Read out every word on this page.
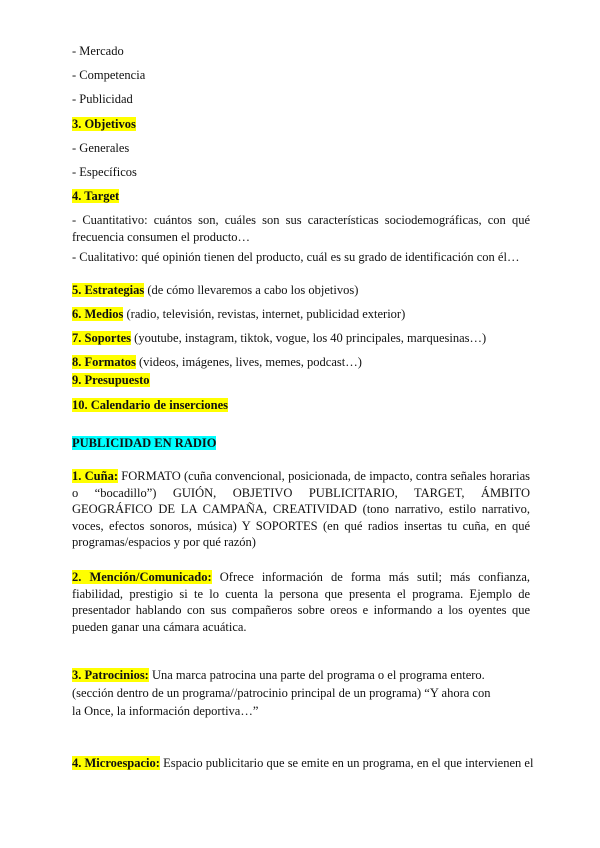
- Mercado
- Competencia
- Publicidad
3. Objetivos
- Generales
- Específicos
4. Target
- Cuantitativo: cuántos son, cuáles son sus características sociodemográficas, con qué frecuencia consumen el producto…
- Cualitativo: qué opinión tienen del producto, cuál es su grado de identificación con él…
5. Estrategias (de cómo llevaremos a cabo los objetivos)
6. Medios (radio, televisión, revistas, internet, publicidad exterior)
7. Soportes (youtube, instagram, tiktok, vogue, los 40 principales, marquesinas…)
8. Formatos (videos, imágenes, lives, memes, podcast…)
9. Presupuesto
10. Calendario de inserciones
PUBLICIDAD EN RADIO
1. Cuña: FORMATO (cuña convencional, posicionada, de impacto, contra señales horarias o “bocadillo”) GUIÓN, OBJETIVO PUBLICITARIO, TARGET, ÁMBITO GEOGRÁFICO DE LA CAMPAÑA, CREATIVIDAD (tono narrativo, estilo narrativo, voces, efectos sonoros, música) Y SOPORTES (en qué radios insertas tu cuña, en qué programas/espacios y por qué razón)
2. Mención/Comunicado: Ofrece información de forma más sutil; más confianza, fiabilidad, prestigio si te lo cuenta la persona que presenta el programa. Ejemplo de presentador hablando con sus compañeros sobre oreos e informando a los oyentes que pueden ganar una cámara acuática.
3. Patrocinios: Una marca patrocina una parte del programa o el programa entero.
(sección dentro de un programa//patrocinio principal de un programa) “Y ahora con
la Once, la información deportiva…”
4. Microespacio: Espacio publicitario que se emite en un programa, en el que intervienen el
